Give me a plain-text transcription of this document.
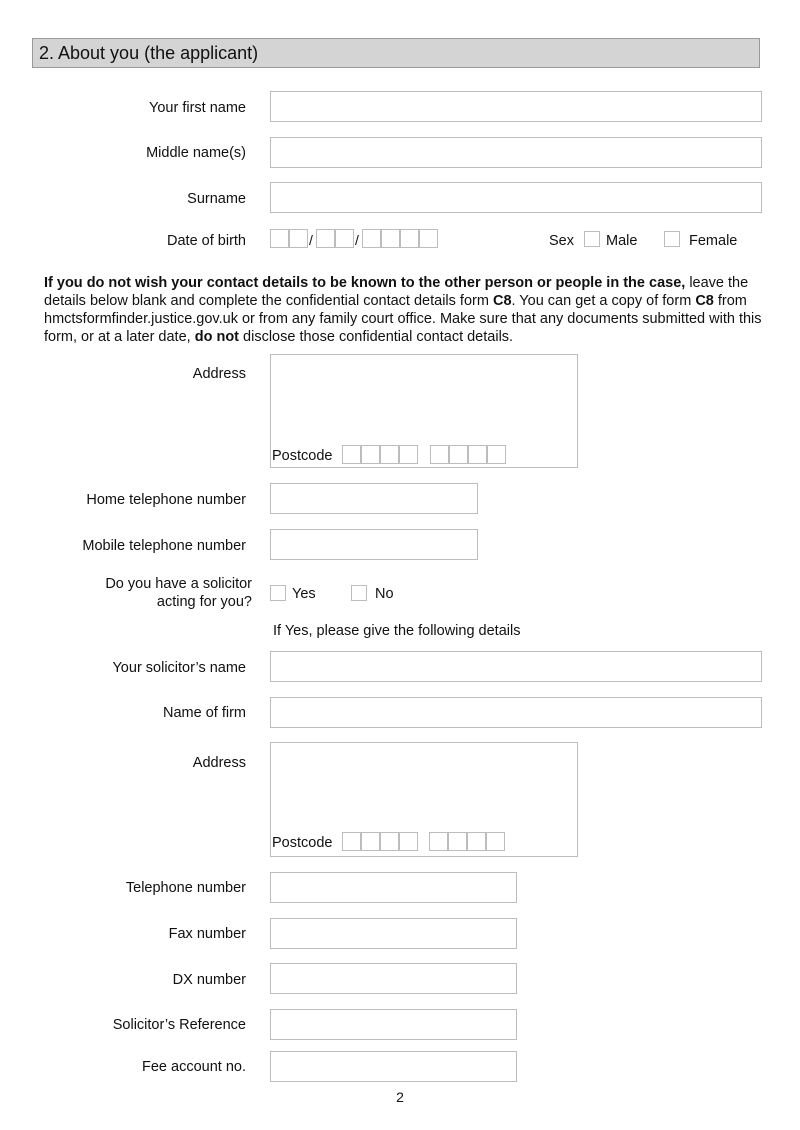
2. About you (the applicant)
Your first name
Middle name(s)
Surname
Date of birth	/	/	Sex Male	Female
If you do not wish your contact details to be known to the other person or people in the case, leave the details below blank and complete the confidential contact details form C8. You can get a copy of form C8 from hmctsformfinder.justice.gov.uk or from any family court office. Make sure that any documents submitted with this form, or at a later date, do not disclose those confidential contact details.
Address
Postcode
Home telephone number
Mobile telephone number
Do you have a solicitor
acting for you?	Yes	No
If Yes, please give the following details
Your solicitor’s name
Name of firm
Address
Postcode
Telephone number
Fax number
DX number
Solicitor’s Reference
Fee account no.
2
